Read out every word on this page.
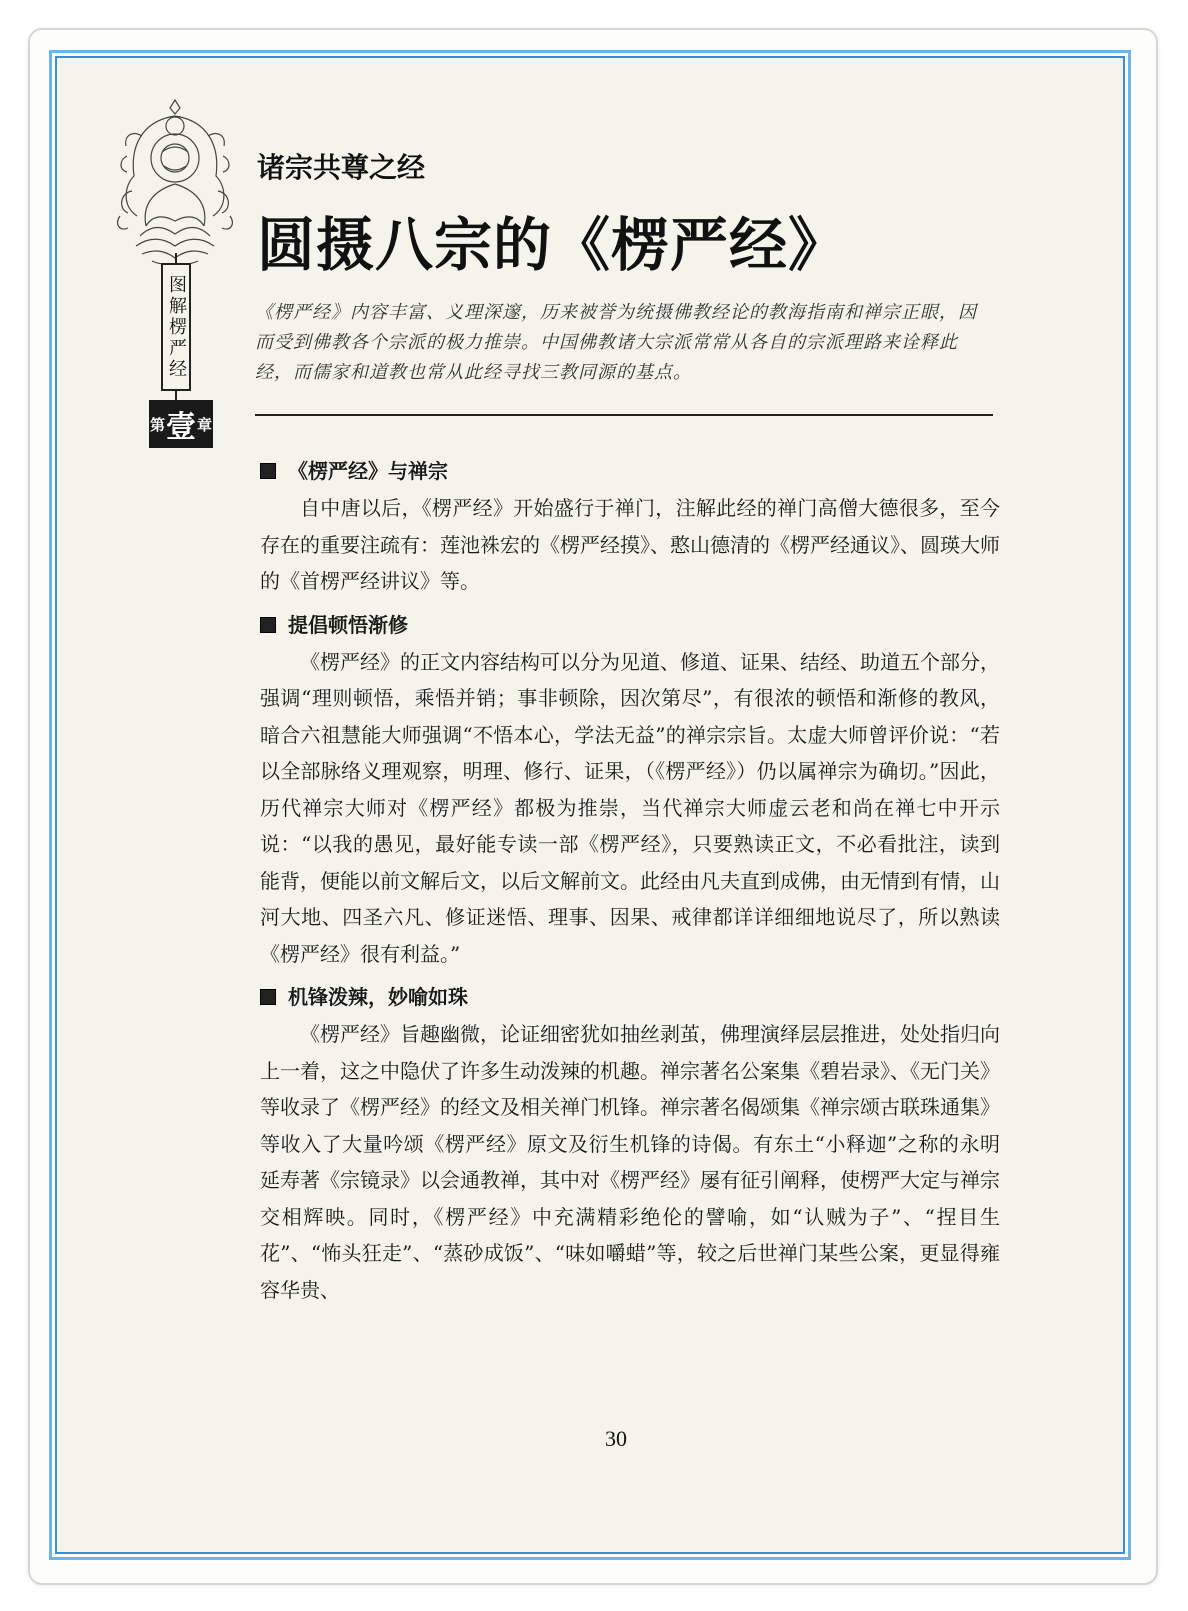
图解楞严经
第 壹 章
诸宗共尊之经
圆摄八宗的《楞严经》
《楞严经》内容丰富、义理深邃，历来被誉为统摄佛教经论的教海指南和禅宗正眼，因而受到佛教各个宗派的极力推崇。中国佛教诸大宗派常常从各自的宗派理路来诠释此经，而儒家和道教也常从此经寻找三教同源的基点。
《楞严经》与禅宗

自中唐以后，《楞严经》开始盛行于禅门，注解此经的禅门高僧大德很多，至今存在的重要注疏有：莲池袾宏的《楞严经摸》、憨山德清的《楞严经通议》、圆瑛大师的《首楞严经讲议》等。

提倡顿悟渐修

《楞严经》的正文内容结构可以分为见道、修道、证果、结经、助道五个部分，强调“理则顿悟，乘悟并销；事非顿除，因次第尽”，有很浓的顿悟和渐修的教风，暗合六祖慧能大师强调“不悟本心，学法无益”的禅宗宗旨。太虚大师曾评价说：“若以全部脉络义理观察，明理、修行、证果，（《楞严经》）仍以属禅宗为确切。”因此，历代禅宗大师对《楞严经》都极为推崇，当代禅宗大师虚云老和尚在禅七中开示说：“以我的愚见，最好能专读一部《楞严经》，只要熟读正文，不必看批注，读到能背，便能以前文解后文，以后文解前文。此经由凡夫直到成佛，由无情到有情，山河大地、四圣六凡、修证迷悟、理事、因果、戒律都详详细细地说尽了，所以熟读《楞严经》很有利益。”

机锋泼辣，妙喻如珠

《楞严经》旨趣幽微，论证细密犹如抽丝剥茧，佛理演绎层层推进，处处指归向上一着，这之中隐伏了许多生动泼辣的机趣。禅宗著名公案集《碧岩录》、《无门关》等收录了《楞严经》的经文及相关禅门机锋。禅宗著名偈颂集《禅宗颂古联珠通集》等收入了大量吟颂《楞严经》原文及衍生机锋的诗偈。有东土“小释迦”之称的永明延寿著《宗镜录》以会通教禅，其中对《楞严经》屡有征引阐释，使楞严大定与禅宗交相辉映。同时，《楞严经》中充满精彩绝伦的譬喻，如“认贼为子”、“捏目生花”、“怖头狂走”、“蒸砂成饭”、“味如嚼蜡”等，较之后世禅门某些公案，更显得雍容华贵、

30
